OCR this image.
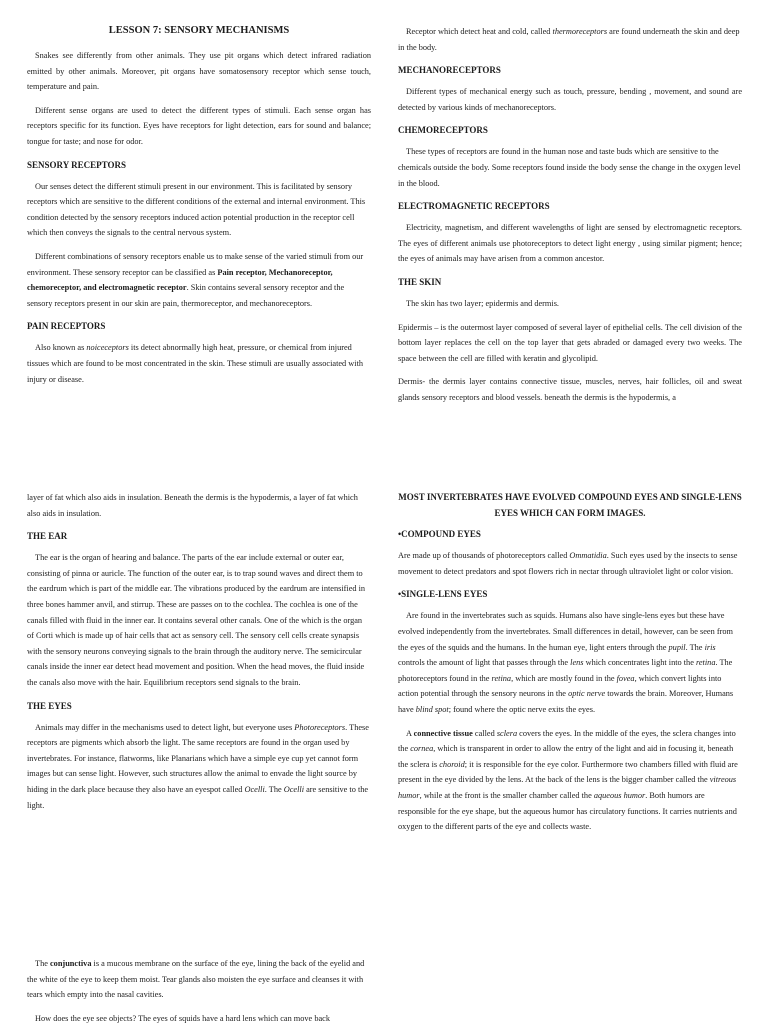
LESSON 7: SENSORY MECHANISMS

Snakes see differently from other animals. They use pit organs which detect infrared radiation emitted by other animals. Moreover, pit organs have somatosensory receptor which sense touch, temperature and pain.

Different sense organs are used to detect the different types of stimuli. Each sense organ has receptors specific for its function. Eyes have receptors for light detection, ears for sound and balance; tongue for taste; and nose for odor.

SENSORY RECEPTORS

Our senses detect the different stimuli present in our environment. This is facilitated by sensory receptors which are sensitive to the different conditions of the external and internal environment. This condition detected by the sensory receptors induced action potential production in the receptor cell which then conveys the signals to the central nervous system.

Different combinations of sensory receptors enable us to make sense of the varied stimuli from our environment. These sensory receptor can be classified as Pain receptor, Mechanoreceptor, chemoreceptor, and electromagnetic receptor. Skin contains several sensory receptor and the sensory receptors present in our skin are pain, thermoreceptor, and mechanoreceptors.

PAIN RECEPTORS

Also known as noiceceptors its detect abnormally high heat, pressure, or chemical from injured tissues which are found to be most concentrated in the skin. These stimuli are usually associated with injury or disease.

Receptor which detect heat and cold, called thermoreceptors are found underneath the skin and deep in the body.

MECHANORECEPTORS

Different types of mechanical energy such as touch, pressure, bending , movement, and sound are detected by various kinds of mechanoreceptors.

CHEMORECEPTORS

These types of receptors are found in the human nose and taste buds which are sensitive to the chemicals outside the body. Some receptors found inside the body sense the change in the oxygen level in the blood.

ELECTROMAGNETIC RECEPTORS

Electricity, magnetism, and different wavelengths of light are sensed by electromagnetic receptors. The eyes of different animals use photoreceptors to detect light energy , using similar pigment; hence; the eyes of animals may have arisen from a common ancestor.

THE SKIN

The skin has two layer; epidermis and dermis.

Epidermis – is the outermost layer composed of several layer of epithelial cells. The cell division of the bottom layer replaces the cell on the top layer that gets abraded or damaged every two weeks. The space between the cell are filled with keratin and glycolipid.

Dermis- the dermis layer contains connective tissue, muscles, nerves, hair follicles, oil and sweat glands sensory receptors and blood vessels. beneath the dermis is the hypodermis, a

layer of fat which also aids in insulation. Beneath the dermis is the hypodermis, a layer of fat which also aids in insulation.

THE EAR

The ear is the organ of hearing and balance. The parts of the ear include external or outer ear, consisting of pinna or auricle. The function of the outer ear, is to trap sound waves and direct them to the eardrum which is part of the middle ear. The vibrations produced by the eardrum are intensified in three bones hammer anvil, and stirrup. These are passes on to the cochlea. The cochlea is one of the canals filled with fluid in the inner ear. It contains several other canals. One of the which is the organ of Corti which is made up of hair cells that act as sensory cell. The sensory cell cells create synapsis with the sensory neurons conveying signals to the brain through the auditory nerve. The semicircular canals inside the inner ear detect head movement and position. When the head moves, the fluid inside the canals also move with the hair. Equilibrium receptors send signals to the brain.

THE EYES

Animals may differ in the mechanisms used to detect light, but everyone uses Photoreceptors. These receptors are pigments which absorb the light. The same receptors are found in the organ used by invertebrates. For instance, flatworms, like Planarians which have a simple eye cup yet cannot form images but can sense light. However, such structures allow the animal to envade the light source by hiding in the dark place because they also have an eyespot called Ocelli. The Ocelli are sensitive to the light.

MOST INVERTEBRATES HAVE EVOLVED COMPOUND EYES AND SINGLE-LENS EYES WHICH CAN FORM IMAGES.
•COMPOUND EYES

Are made up of thousands of photoreceptors called Ommatidia. Such eyes used by the insects to sense movement to detect predators and spot flowers rich in nectar through ultraviolet light or color vision.

•SINGLE-LENS EYES

Are found in the invertebrates such as squids. Humans also have single-lens eyes but these have evolved independently from the invertebrates. Small differences in detail, however, can be seen from the eyes of the squids and the humans. In the human eye, light enters through the pupil. The iris controls the amount of light that passes through the lens which concentrates light into the retina. The photoreceptors found in the retina, which are mostly found in the fovea, which convert lights into action potential through the sensory neurons in the optic nerve towards the brain. Moreover, Humans have blind spot; found where the optic nerve exits the eyes.

A connective tissue called sclera covers the eyes. In the middle of the eyes, the sclera changes into the cornea, which is transparent in order to allow the entry of the light and aid in focusing it, beneath the sclera is choroid; it is responsible for the eye color. Furthermore two chambers filled with fluid are present in the eye divided by the lens. At the back of the lens is the bigger chamber called the vitreous humor, while at the front is the smaller chamber called the aqueous humor. Both humors are responsible for the eye shape, but the aqueous humor has circulatory functions. It carries nutrients and oxygen to the different parts of the eye and collects waste.

The conjunctiva is a mucous membrane on the surface of the eye, lining the back of the eyelid and the white of the eye to keep them moist. Tear glands also moisten the eye surface and cleanses it with tears which empty into the nasal cavities.

How does the eye see objects? The eyes of squids have a hard lens which can move back
